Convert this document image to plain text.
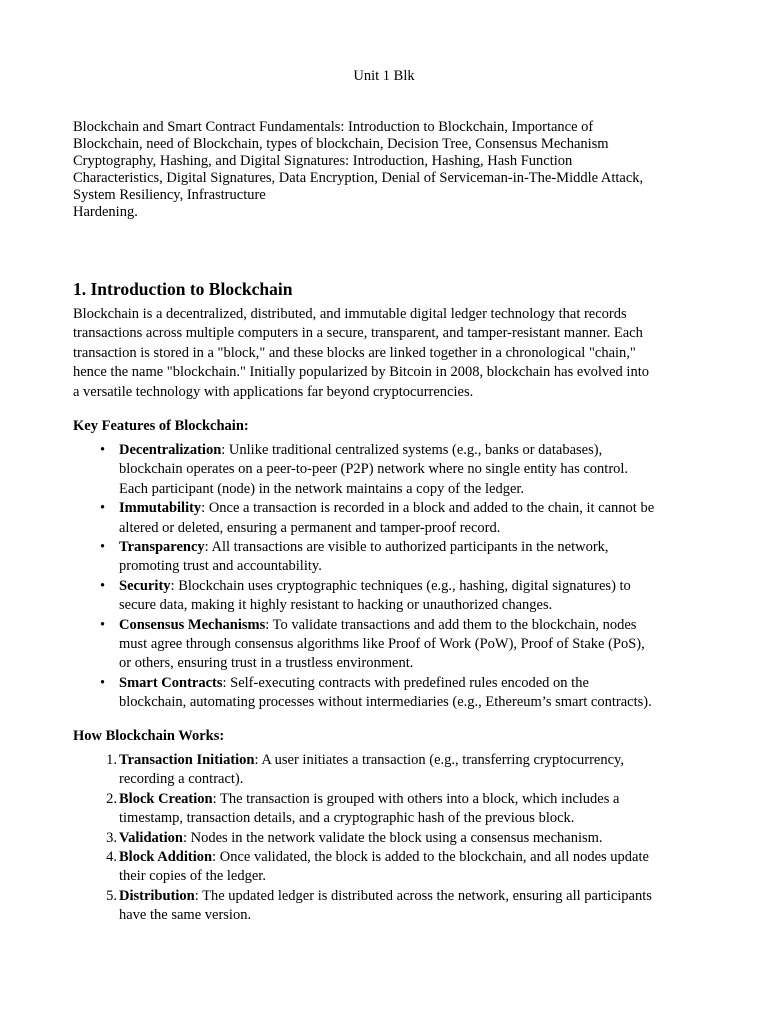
Unit 1 Blk

Blockchain and Smart Contract Fundamentals: Introduction to Blockchain, Importance of
Blockchain, need of Blockchain, types of blockchain, Decision Tree, Consensus Mechanism
Cryptography, Hashing, and Digital Signatures: Introduction, Hashing, Hash Function
Characteristics, Digital Signatures, Data Encryption, Denial of Serviceman-in-The-Middle Attack,
System Resiliency, Infrastructure
Hardening.

1. Introduction to Blockchain

Blockchain is a decentralized, distributed, and immutable digital ledger technology that records
transactions across multiple computers in a secure, transparent, and tamper-resistant manner. Each
transaction is stored in a "block," and these blocks are linked together in a chronological "chain,"
hence the name "blockchain." Initially popularized by Bitcoin in 2008, blockchain has evolved into
a versatile technology with applications far beyond cryptocurrencies.

Key Features of Blockchain:
• Decentralization: Unlike traditional centralized systems (e.g., banks or databases),
blockchain operates on a peer-to-peer (P2P) network where no single entity has control.
Each participant (node) in the network maintains a copy of the ledger.
• Immutability: Once a transaction is recorded in a block and added to the chain, it cannot be
altered or deleted, ensuring a permanent and tamper-proof record.
• Transparency: All transactions are visible to authorized participants in the network,
promoting trust and accountability.
• Security: Blockchain uses cryptographic techniques (e.g., hashing, digital signatures) to
secure data, making it highly resistant to hacking or unauthorized changes.
• Consensus Mechanisms: To validate transactions and add them to the blockchain, nodes
must agree through consensus algorithms like Proof of Work (PoW), Proof of Stake (PoS),
or others, ensuring trust in a trustless environment.
• Smart Contracts: Self-executing contracts with predefined rules encoded on the
blockchain, automating processes without intermediaries (e.g., Ethereum’s smart contracts).
How Blockchain Works:
1. Transaction Initiation: A user initiates a transaction (e.g., transferring cryptocurrency,
recording a contract).
2. Block Creation: The transaction is grouped with others into a block, which includes a
timestamp, transaction details, and a cryptographic hash of the previous block.
3. Validation: Nodes in the network validate the block using a consensus mechanism.
4. Block Addition: Once validated, the block is added to the blockchain, and all nodes update
their copies of the ledger.
5. Distribution: The updated ledger is distributed across the network, ensuring all participants
have the same version.
